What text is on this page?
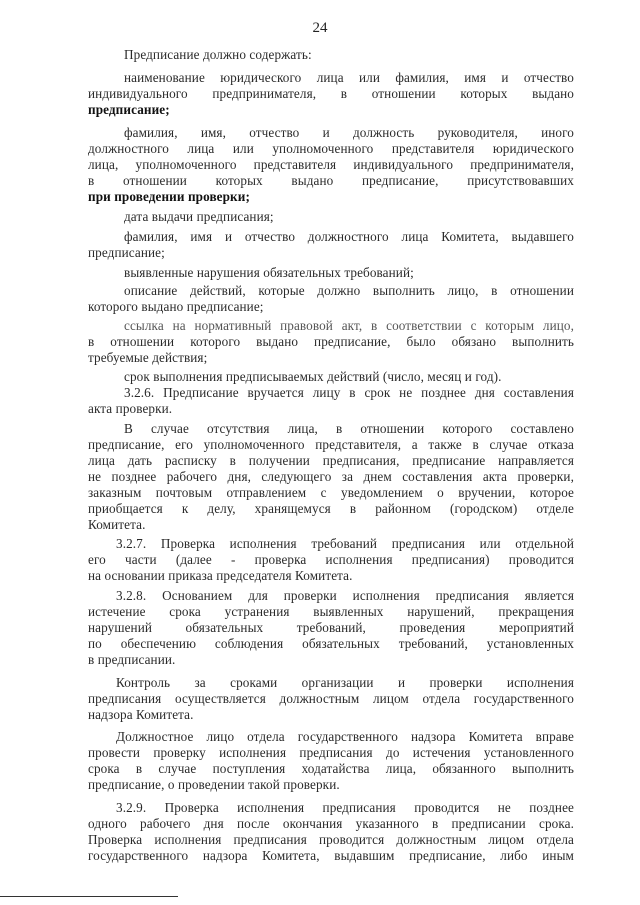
24
Предписание должно содержать:
наименование юридического лица или фамилия, имя и отчество
индивидуального предпринимателя, в отношении которых выдано
предписание;
фамилия, имя, отчество и должность руководителя, иного
должностного лица или уполномоченного представителя юридического
лица, уполномоченного представителя индивидуального предпринимателя,
в отношении которых выдано предписание, присутствовавших
при проведении проверки;
дата выдачи предписания;
фамилия, имя и отчество должностного лица Комитета, выдавшего
предписание;
выявленные нарушения обязательных требований;
описание действий, которые должно выполнить лицо, в отношении
которого выдано предписание;
ссылка на нормативный правовой акт, в соответствии с которым лицо,
в отношении которого выдано предписание, было обязано выполнить
требуемые действия;
срок выполнения предписываемых действий (число, месяц и год).
3.2.6. Предписание вручается лицу в срок не позднее дня составления
акта проверки.
В случае отсутствия лица, в отношении которого составлено
предписание, его уполномоченного представителя, а также в случае отказа
лица дать расписку в получении предписания, предписание направляется
не позднее рабочего дня, следующего за днем составления акта проверки,
заказным почтовым отправлением с уведомлением о вручении, которое
приобщается к делу, хранящемуся в районном (городском) отделе
Комитета.
3.2.7. Проверка исполнения требований предписания или отдельной
его части (далее - проверка исполнения предписания) проводится
на основании приказа председателя Комитета.
3.2.8. Основанием для проверки исполнения предписания является
истечение срока устранения выявленных нарушений, прекращения
нарушений обязательных требований, проведения мероприятий
по обеспечению соблюдения обязательных требований, установленных
в предписании.
Контроль за сроками организации и проверки исполнения
предписания осуществляется должностным лицом отдела государственного
надзора Комитета.
Должностное лицо отдела государственного надзора Комитета вправе
провести проверку исполнения предписания до истечения установленного
срока в случае поступления ходатайства лица, обязанного выполнить
предписание, о проведении такой проверки.
3.2.9. Проверка исполнения предписания проводится не позднее
одного рабочего дня после окончания указанного в предписании срока.
Проверка исполнения предписания проводится должностным лицом отдела
государственного надзора Комитета, выдавшим предписание, либо иным
